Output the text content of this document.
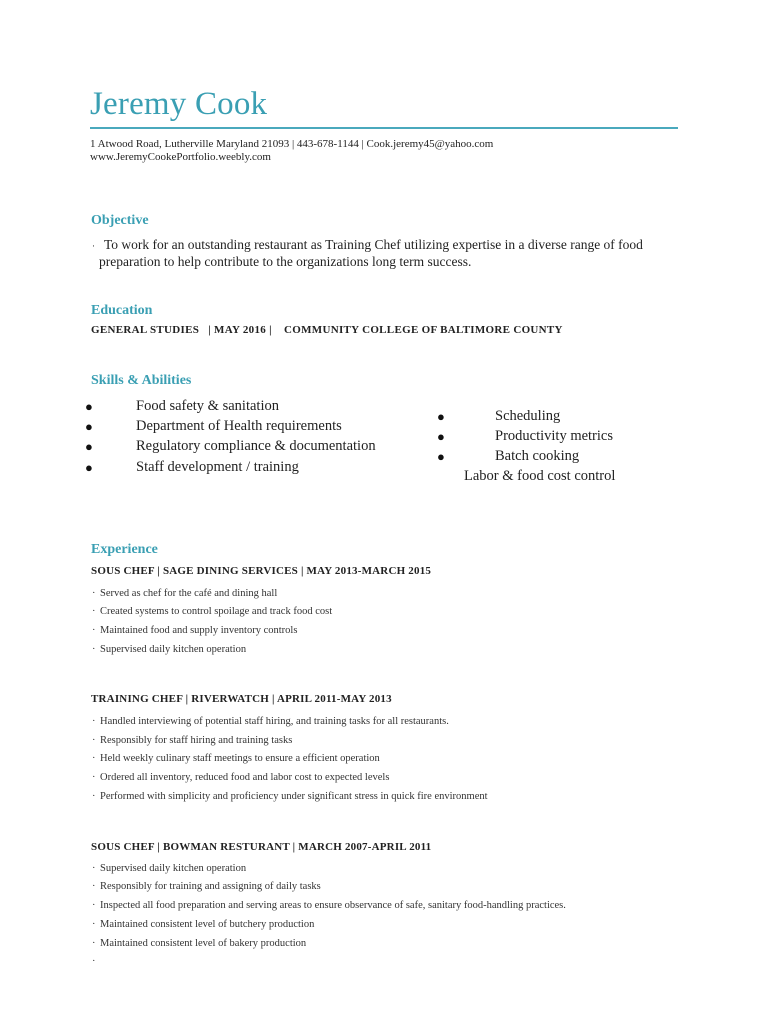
Jeremy Cook
1 Atwood Road, Lutherville Maryland 21093 | 443-678-1144 | Cook.jeremy45@yahoo.com
www.JeremyCookePortfolio.weebly.com
Objective
· To work for an outstanding restaurant as Training Chef utilizing expertise in a diverse range of food
preparation to help contribute to the organizations long term success.
Education
GENERAL STUDIES   | MAY 2016 |    COMMUNITY COLLEGE OF BALTIMORE COUNTY
Skills & Abilities
●	Food safety & sanitation
●	Department of Health requirements
●	Regulatory compliance & documentation
●	Staff development / training
●	Scheduling
●	Productivity metrics
●	Batch cooking
Labor & food cost control
Experience
SOUS CHEF | SAGE DINING SERVICES | MAY 2013-MARCH 2015
· Served as chef for the café and dining hall
· Created systems to control spoilage and track food cost
· Maintained food and supply inventory controls
· Supervised daily kitchen operation
TRAINING CHEF | RIVERWATCH | APRIL 2011-MAY 2013
· Handled interviewing of potential staff hiring, and training tasks for all restaurants.
· Responsibly for staff hiring and training tasks
· Held weekly culinary staff meetings to ensure a efficient operation
· Ordered all inventory, reduced food and labor cost to expected levels
· Performed with simplicity and proficiency under significant stress in quick fire environment
SOUS CHEF | BOWMAN RESTURANT | MARCH 2007-APRIL 2011
· Supervised daily kitchen operation
· Responsibly for training and assigning of daily tasks
· Inspected all food preparation and serving areas to ensure observance of safe, sanitary food-handling practices.
· Maintained consistent level of butchery production
· Maintained consistent level of bakery production
·
